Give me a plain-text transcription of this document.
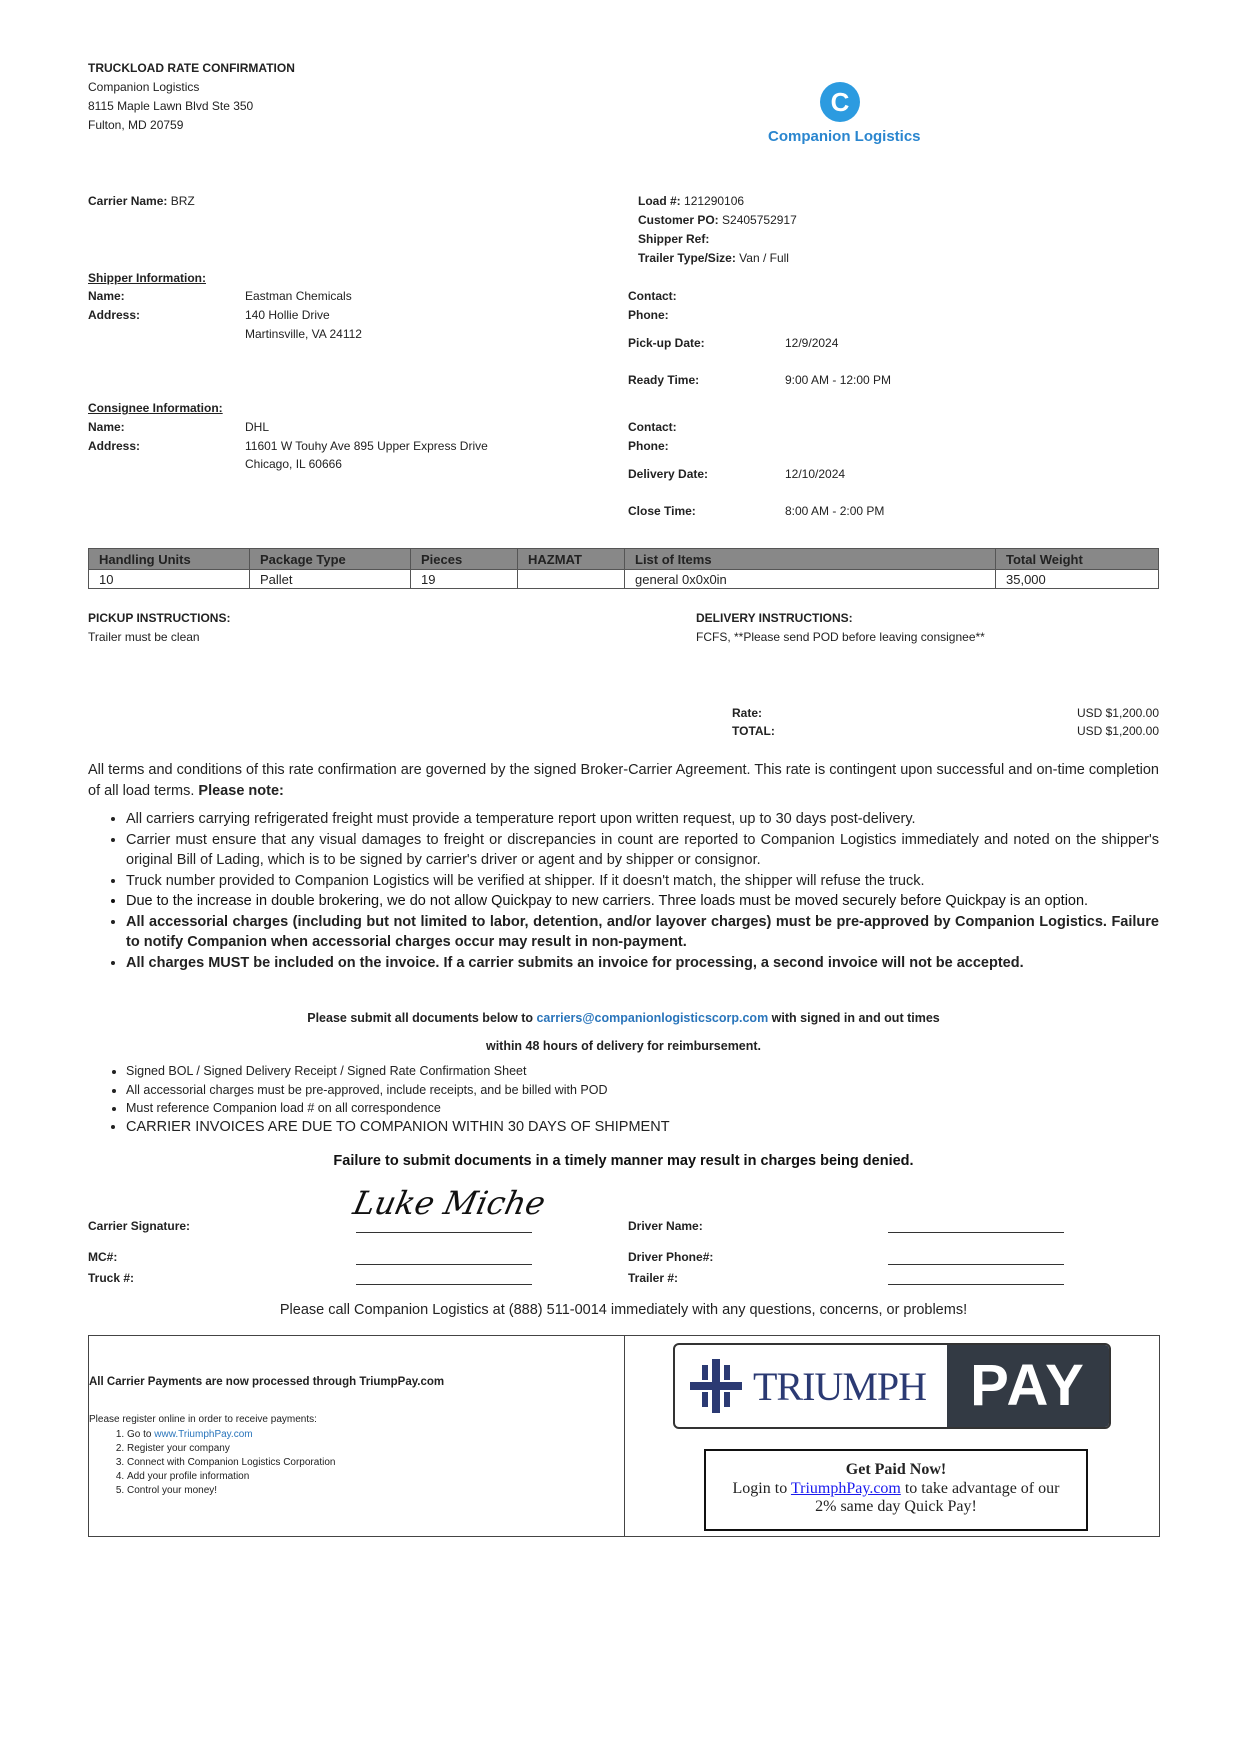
TRUCKLOAD RATE CONFIRMATION
Companion Logistics
8115 Maple Lawn Blvd Ste 350
Fulton, MD 20759
C
Companion Logistics
Carrier Name: BRZ	Load #: 121290106
Customer PO: S2405752917
Shipper Ref:
Trailer Type/Size: Van / Full
Shipper Information:
Name:	Eastman Chemicals
Address:	140 Hollie Drive
Martinsville, VA 24112
Contact:
Phone:
Pick-up Date:	12/9/2024
Ready Time:	9:00 AM - 12:00 PM
Consignee Information:
Name:	DHL
Address:	11601 W Touhy Ave 895 Upper Express Drive
Chicago, IL 60666
Contact:
Phone:
Delivery Date:	12/10/2024
Close Time:	8:00 AM - 2:00 PM
Handling Units	Package Type	Pieces	HAZMAT	List of Items	Total Weight
10	Pallet	19		general 0x0x0in	35,000
PICKUP INSTRUCTIONS:
Trailer must be clean
DELIVERY INSTRUCTIONS:
FCFS, **Please send POD before leaving consignee**
Rate:	USD $1,200.00
TOTAL:	USD $1,200.00
All terms and conditions of this rate confirmation are governed by the signed Broker-Carrier Agreement. This rate is contingent upon successful and on-time completion of all load terms. Please note:
• All carriers carrying refrigerated freight must provide a temperature report upon written request, up to 30 days post-delivery.
• Carrier must ensure that any visual damages to freight or discrepancies in count are reported to Companion Logistics immediately and noted on the shipper's original Bill of Lading, which is to be signed by carrier's driver or agent and by shipper or consignor.
• Truck number provided to Companion Logistics will be verified at shipper. If it doesn't match, the shipper will refuse the truck.
• Due to the increase in double brokering, we do not allow Quickpay to new carriers. Three loads must be moved securely before Quickpay is an option.
• All accessorial charges (including but not limited to labor, detention, and/or layover charges) must be pre-approved by Companion Logistics. Failure to notify Companion when accessorial charges occur may result in non-payment.
• All charges MUST be included on the invoice. If a carrier submits an invoice for processing, a second invoice will not be accepted.
Please submit all documents below to carriers@companionlogisticscorp.com with signed in and out times
within 48 hours of delivery for reimbursement.
• Signed BOL / Signed Delivery Receipt / Signed Rate Confirmation Sheet
• All accessorial charges must be pre-approved, include receipts, and be billed with POD
• Must reference Companion load # on all correspondence
• CARRIER INVOICES ARE DUE TO COMPANION WITHIN 30 DAYS OF SHIPMENT
Failure to submit documents in a timely manner may result in charges being denied.
Carrier Signature:
Luke Miche
Driver Name:
MC#:	Driver Phone#:
Truck #:	Trailer #:
Please call Companion Logistics at (888) 511-0014 immediately with any questions, concerns, or problems!
All Carrier Payments are now processed through TriumpPay.com
Please register online in order to receive payments:
1. Go to www.TriumphPay.com
2. Register your company
3. Connect with Companion Logistics Corporation
4. Add your profile information
5. Control your money!
TRIUMPH PAY
Get Paid Now!
Login to TriumphPay.com to take advantage of our
2% same day Quick Pay!
